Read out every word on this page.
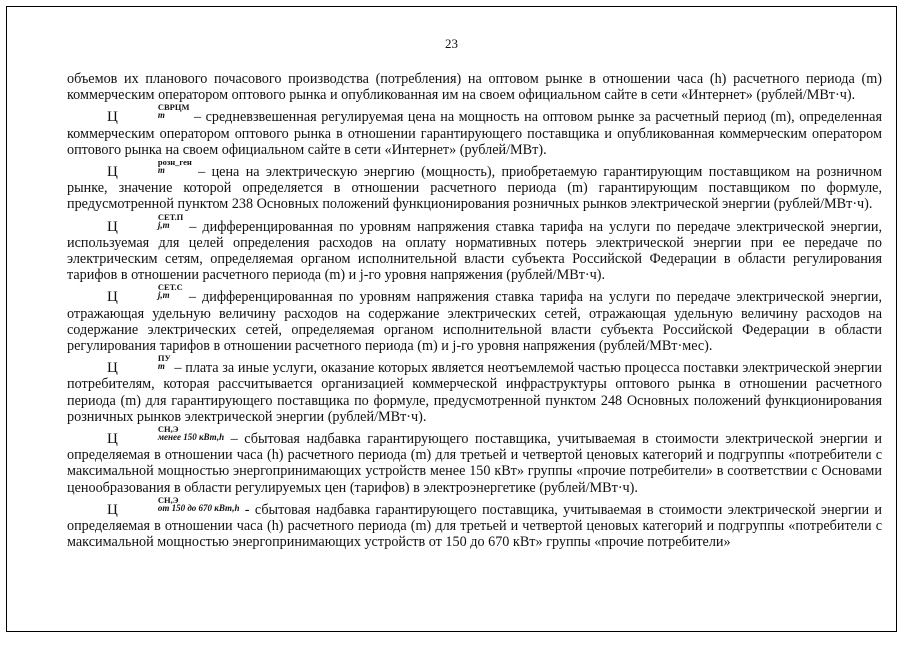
23

объемов их планового почасового производства (потребления) на оптовом рынке в отношении часа (h) расчетного периода (m) коммерческим оператором оптового рынка и опубликованная им на своем официальном сайте в сети «Интернет» (рублей/МВт·ч).

Ц
СВРЦМ
m	– средневзвешенная регулируемая цена на мощность на оптовом рынке за расчетный период (m), определенная коммерческим оператором оптового рынка в отношении гарантирующего поставщика и опубликованная коммерческим оператором оптового рынка на своем официальном сайте в сети «Интернет» (рублей/МВт).

Ц
розн_ген
m	– цена на электрическую энергию (мощность), приобретаемую гарантирующим поставщиком на розничном рынке, значение которой определяется в отношении расчетного периода (m) гарантирующим поставщиком по формуле, предусмотренной пунктом 238 Основных положений функционирования розничных рынков электрической энергии (рублей/МВт·ч).

Ц
СЕТ.П
j,m – дифференцированная по уровням напряжения ставка тарифа на услуги по передаче электрической энергии, используемая для целей определения расходов на оплату нормативных потерь электрической энергии при ее передаче по электрическим сетям, определяемая органом исполнительной власти субъекта Российской Федерации в области регулирования тарифов в отношении расчетного периода (m) и j-го уровня напряжения (рублей/МВт·ч).

Ц
СЕТ.С
j,m – дифференцированная по уровням напряжения ставка тарифа на услуги по передаче электрической энергии, отражающая удельную величину расходов на содержание электрических сетей, отражающая удельную величину расходов на содержание электрических сетей, определяемая органом исполнительной власти субъекта Российской Федерации в области регулирования тарифов в отношении расчетного периода (m) и j-го уровня напряжения (рублей/МВт·мес).

Ц
ПУ
m – плата за иные услуги, оказание которых является неотъемлемой частью процесса поставки электрической энергии потребителям, которая рассчитывается организацией коммерческой инфраструктуры оптового рынка в отношении расчетного периода (m) для гарантирующего поставщика по формуле, предусмотренной пунктом 248 Основных положений функционирования розничных рынков электрической энергии (рублей/МВт·ч).

Ц
СН,Э
менее 150 кВт,h – сбытовая надбавка гарантирующего поставщика, учитываемая в стоимости электрической энергии и определяемая в отношении часа (h) расчетного периода (m) для третьей и четвертой ценовых категорий и подгруппы «потребители с максимальной мощностью энергопринимающих устройств менее 150 кВт» группы «прочие потребители» в соответствии с Основами ценообразования в области регулируемых цен (тарифов) в электроэнергетике (рублей/МВт·ч).

Ц
СН,Э
от 150 до 670 кВт,h - сбытовая надбавка гарантирующего поставщика, учитываемая в стоимости электрической энергии и определяемая в отношении часа (h) расчетного периода (m) для третьей и четвертой ценовых категорий и подгруппы «потребители с максимальной мощностью энергопринимающих устройств от 150 до 670 кВт» группы «прочие потребители»
